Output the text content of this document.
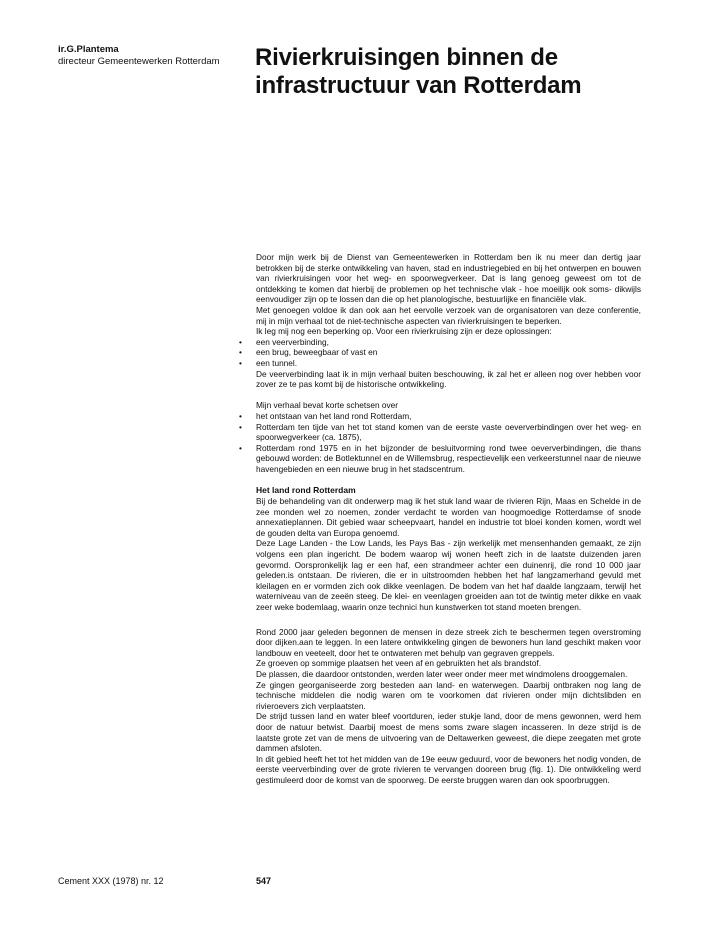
ir.G.Plantema
directeur Gemeentewerken Rotterdam	Rivierkruisingen binnen de
infrastructuur van Rotterdam

Door mijn werk bij de Dienst van Gemeentewerken in Rotterdam ben ik nu meer dan dertig jaar betrokken bij de sterke ontwikkeling van haven, stad en industriegebied en bij het ontwerpen en bouwen van rivierkruisingen voor het weg- en spoorwegverkeer. Dat is lang genoeg geweest om tot de ontdekking te komen dat hierbij de problemen op het technische vlak - hoe moeilijk ook soms- dikwijls eenvoudiger zijn op te lossen dan die op het planologische, bestuurlijke en financiële vlak.

Met genoegen voldoe ik dan ook aan het eervolle verzoek van de organisatoren van deze conferentie, mij in mijn verhaal tot de niet-technische aspecten van rivierkruisingen te beperken.

Ik leg mij nog een beperking op. Voor een rivierkruising zijn er deze oplossingen:

• een veerverbinding,
• een brug, beweegbaar of vast en
• een tunnel.

De veerverbinding laat ik in mijn verhaal buiten beschouwing, ik zal het er alleen nog over hebben voor zover ze te pas komt bij de historische ontwikkeling.

Mijn verhaal bevat korte schetsen over

• het ontstaan van het land rond Rotterdam,
• Rotterdam ten tijde van het tot stand komen van de eerste vaste oeververbindingen over het weg- en spoorwegverkeer (ca. 1875),
• Rotterdam rond 1975 en in het bijzonder de besluitvorming rond twee oeververbindingen, die thans gebouwd worden: de Botlektunnel en de Willemsbrug, respectievelijk een verkeerstunnel naar de nieuwe havengebieden en een nieuwe brug in het stadscentrum.
Het land rond Rotterdam

Bij de behandeling van dit onderwerp mag ik het stuk land waar de rivieren Rijn, Maas en Schelde in de zee monden wel zo noemen, zonder verdacht te worden van hoogmoedige Rotterdamse of snode annexatieplannen. Dit gebied waar scheepvaart, handel en industrie tot bloei konden komen, wordt wel de gouden delta van Europa genoemd.

Deze Lage Landen - the Low Lands, les Pays Bas - zijn werkelijk met mensenhanden gemaakt, ze zijn volgens een plan ingericht. De bodem waarop wij wonen heeft zich in de laatste duizenden jaren gevormd. Oorspronkelijk lag er een haf, een strandmeer achter een duinenrij, die rond 10 000 jaar geleden.is ontstaan. De rivieren, die er in uitstroomden hebben het haf langzamerhand gevuld met kleilagen en er vormden zich ook dikke veenlagen. De bodem van het haf daalde langzaam, terwijl het waterniveau van de zeeën steeg. De klei- en veenlagen groeiden aan tot de twintig meter dikke en vaak zeer weke bodemlaag, waarin onze technici hun kunstwerken tot stand moeten brengen.

Rond 2000 jaar geleden begonnen de mensen in deze streek zich te beschermen tegen overstroming door dijken.aan te leggen. In een latere ontwikkeling gingen de bewoners hun land geschikt maken voor landbouw en veeteelt, door het te ontwateren met behulp van gegraven greppels.

Ze groeven op sommige plaatsen het veen af en gebruikten het als brandstof.

De plassen, die daardoor ontstonden, werden later weer onder meer met windmolens drooggemalen.

Ze gingen georganiseerde zorg besteden aan land- en waterwegen. Daarbij ontbraken nog lang de technische middelen die nodig waren om te voorkomen dat rivieren onder mijn dichtslibden en rivieroevers zich verplaatsten.

De strijd tussen land en water bleef voortduren, ieder stukje land, door de mens gewonnen, werd hem door de natuur betwist. Daarbij moest de mens soms zware slagen incasseren. In deze strijd is de laatste grote zet van de mens de uitvoering van de Deltawerken geweest, die diepe zeegaten met grote dammen afsloten.

In dit gebied heeft het tot het midden van de 19e eeuw geduurd, voor de bewoners het nodig vonden, de eerste veerverbinding over de grote rivieren te vervangen dooreen brug (fig. 1). Die ontwikkeling werd gestimuleerd door de komst van de spoorweg. De eerste bruggen waren dan ook spoorbruggen.

Cement XXX (1978) nr. 12	547
